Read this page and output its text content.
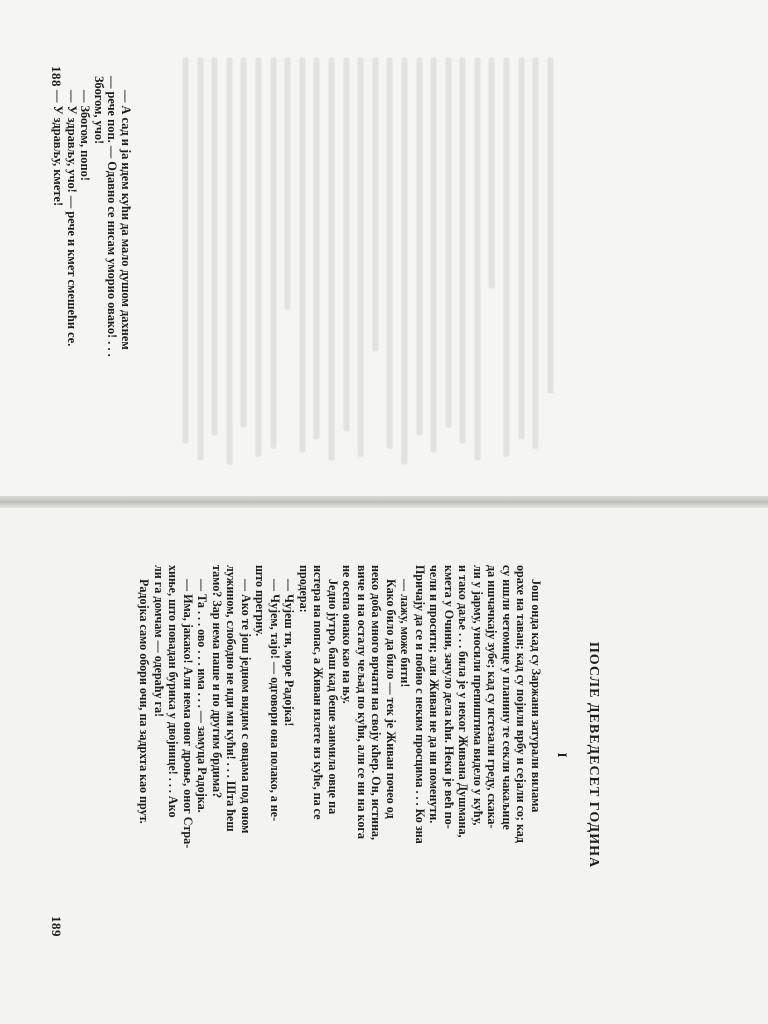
188

— А сад и ја идем кући да мало душом дахнем

— рече поп. — Одавно се нисам уморио овако! . . .

Збогом, учо!

— Збогом, попо!

— У здрављу, учо! — рече и кмет смешећи се.

— У здрављу, кмете!

189
ПОСЛЕ ДЕВЕДЕСЕТ ГОДИНА
I

Још онда кад су Заржани затурали вилама

орахе на таван; кад су појили врбу и сејали со; кад

су ишли четомице у планину те секли чакаљице

да ишчачкају зубе; кад су истезали греду, скака-

ли у јарму, уносили препиштима видело у кућу,

и тако даље . . . била је у неког Живана Душмана,

кмета у Очини, зачуло дела кћи. Неки је већ по-

чели и просити; али Живан не да ни поменути.

Причају да се и побио с неким просцима . . . Ко зна

— лажу, може бити!

Како било да било — тек је Живан почео од

неко доба много врчати на своју кћер. Он, истина,

виче и на осталу чељад по кући, али се ни на кога

не осепа онако као на њу.

Једно јутро, баш кад беше заимила овце па

истера на попас, а Живан излете из куће, па се

продера:

— Чујеш ти, море Радојка!

— Чујем, тајо! — одговори она полако, а не-

што прегрну.

— Ако те још једном видим с овцама под оном

лужином, слободно не иди ми кући! . . . Шта ћеш

тамо? Зар нема паше и по другим брдима?

— Та . . . ово . . . има . . . — замуца Радојка.

— Има, јакако! Али нема оног дроње, оног Стра-

хиње, што повадан бурика у двојнице! . . . Ако

ли га домчам — одераћу га!

Радојка само обори очи, па задрхта као прут.
